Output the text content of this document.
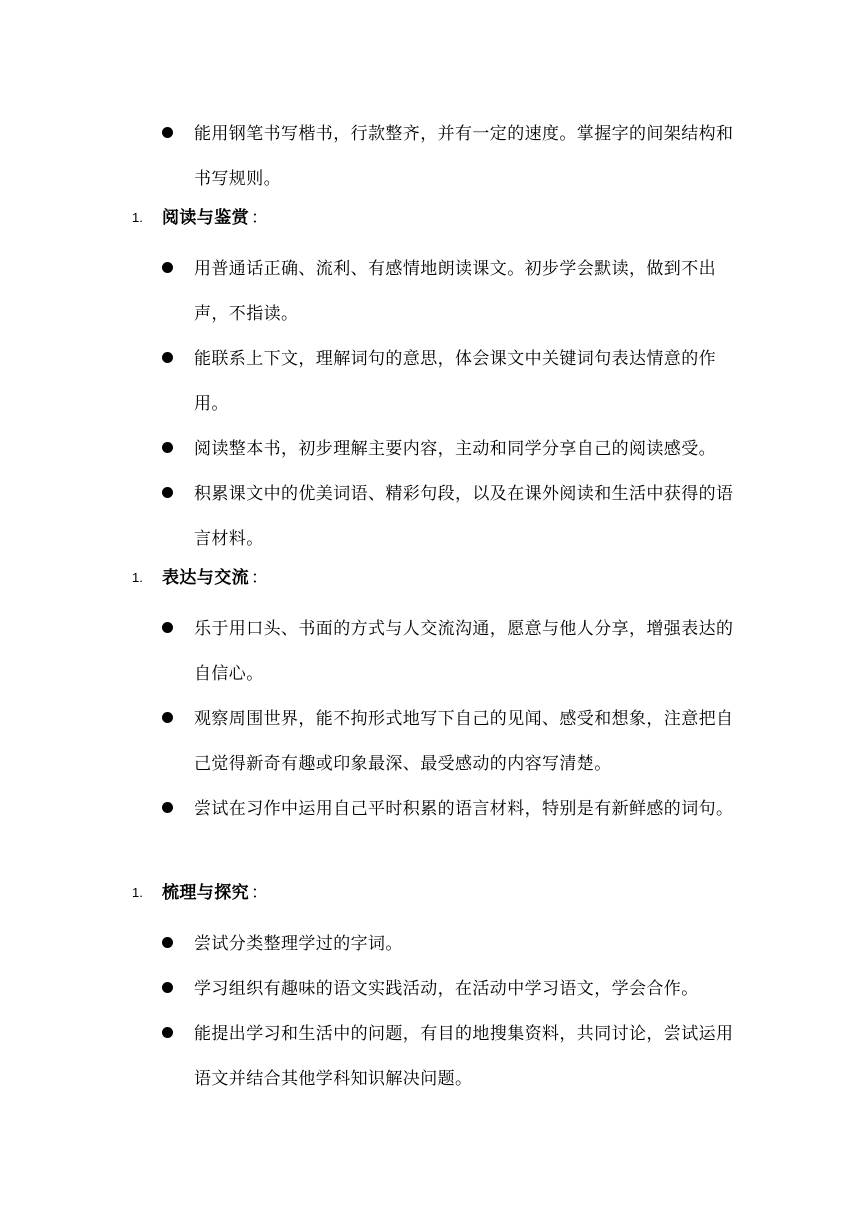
能用钢笔书写楷书，行款整齐，并有一定的速度。掌握字的间架结构和书写规则。
1. 阅读与鉴赏 ：
用普通话正确、流利、有感情地朗读课文。初步学会默读，做到不出声，不指读。
能联系上下文，理解词句的意思，体会课文中关键词句表达情意的作用。
阅读整本书，初步理解主要内容，主动和同学分享自己的阅读感受。
积累课文中的优美词语、精彩句段，以及在课外阅读和生活中获得的语言材料。
1. 表达与交流 ：
乐于用口头、书面的方式与人交流沟通，愿意与他人分享，增强表达的自信心。
观察周围世界，能不拘形式地写下自己的见闻、感受和想象，注意把自己觉得新奇有趣或印象最深、最受感动的内容写清楚。
尝试在习作中运用自己平时积累的语言材料，特别是有新鲜感的词句。
1. 梳理与探究 ：
尝试分类整理学过的字词。
学习组织有趣味的语文实践活动，在活动中学习语文，学会合作。
能提出学习和生活中的问题，有目的地搜集资料，共同讨论，尝试运用语文并结合其他学科知识解决问题。
